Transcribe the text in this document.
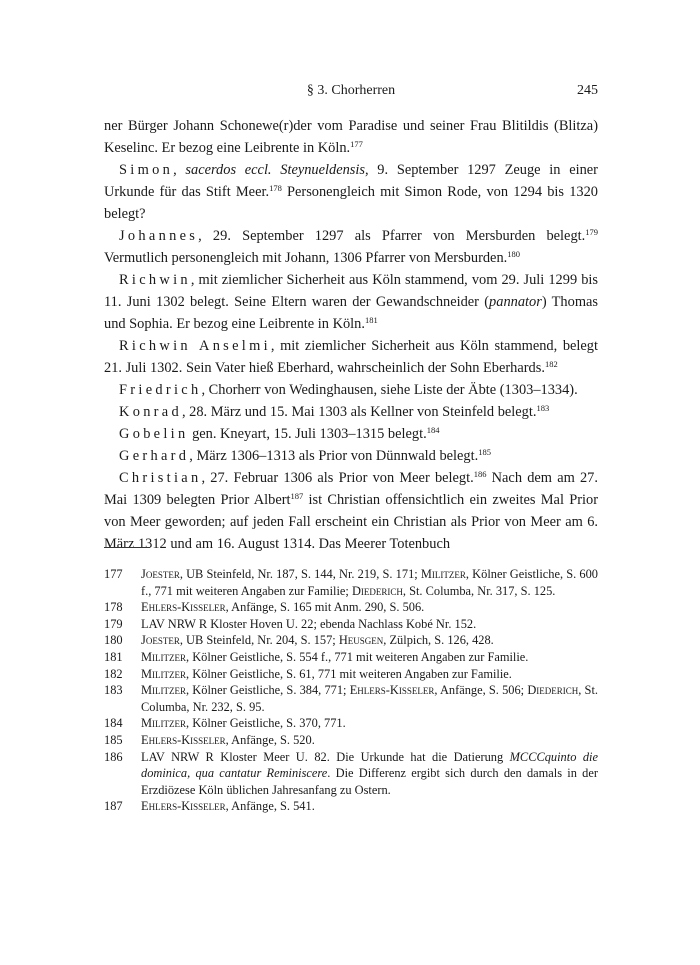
§ 3. Chorherren	245

ner Bürger Johann Schonewe(r)der vom Paradise und seiner Frau Blitildis (Blitza) Keselinc. Er bezog eine Leibrente in Köln.$^{177}$

Simon, sacerdos eccl. Steynueldensis, 9. September 1297 Zeuge in einer Urkunde für das Stift Meer.$^{178}$ Personengleich mit Simon Rode, von 1294 bis 1320 belegt?

Johannes, 29. September 1297 als Pfarrer von Mersburden belegt.$^{179}$ Vermutlich personengleich mit Johann, 1306 Pfarrer von Mersburden.$^{180}$

Richwin, mit ziemlicher Sicherheit aus Köln stammend, vom 29. Juli 1299 bis 11. Juni 1302 belegt. Seine Eltern waren der Gewandschneider (pannator) Thomas und Sophia. Er bezog eine Leibrente in Köln.$^{181}$

Richwin Anselmi, mit ziemlicher Sicherheit aus Köln stammend, belegt 21. Juli 1302. Sein Vater hieß Eberhard, wahrscheinlich der Sohn Eberhards.$^{182}$

Friedrich, Chorherr von Wedinghausen, siehe Liste der Äbte (1303–1334).

Konrad, 28. März und 15. Mai 1303 als Kellner von Steinfeld belegt.$^{183}$

Gobelin gen. Kneyart, 15. Juli 1303–1315 belegt.$^{184}$

Gerhard, März 1306–1313 als Prior von Dünnwald belegt.$^{185}$

Christian, 27. Februar 1306 als Prior von Meer belegt.$^{186}$ Nach dem am 27. Mai 1309 belegten Prior Albert$^{187}$ ist Christian offensichtlich ein zweites Mal Prior von Meer geworden; auf jeden Fall erscheint ein Christian als Prior von Meer am 6. März 1312 und am 16. August 1314. Das Meerer Totenbuch

177 Joester, UB Steinfeld, Nr. 187, S. 144, Nr. 219, S. 171; Militzer, Kölner Geistliche, S. 600 f., 771 mit weiteren Angaben zur Familie; Diederich, St. Columba, Nr. 317, S. 125.
178 Ehlers-Kisseler, Anfänge, S. 165 mit Anm. 290, S. 506.
179 LAV NRW R Kloster Hoven U. 22; ebenda Nachlass Kobé Nr. 152.
180 Joester, UB Steinfeld, Nr. 204, S. 157; Heusgen, Zülpich, S. 126, 428.
181 Militzer, Kölner Geistliche, S. 554 f., 771 mit weiteren Angaben zur Familie.
182 Militzer, Kölner Geistliche, S. 61, 771 mit weiteren Angaben zur Familie.
183 Militzer, Kölner Geistliche, S. 384, 771; Ehlers-Kisseler, Anfänge, S. 506; Diederich, St. Columba, Nr. 232, S. 95.
184 Militzer, Kölner Geistliche, S. 370, 771.
185 Ehlers-Kisseler, Anfänge, S. 520.
186 LAV NRW R Kloster Meer U. 82. Die Urkunde hat die Datierung MCCCquinto die dominica, qua cantatur Reminiscere. Die Differenz ergibt sich durch den damals in der Erzdiözese Köln üblichen Jahresanfang zu Ostern.
187 Ehlers-Kisseler, Anfänge, S. 541.
